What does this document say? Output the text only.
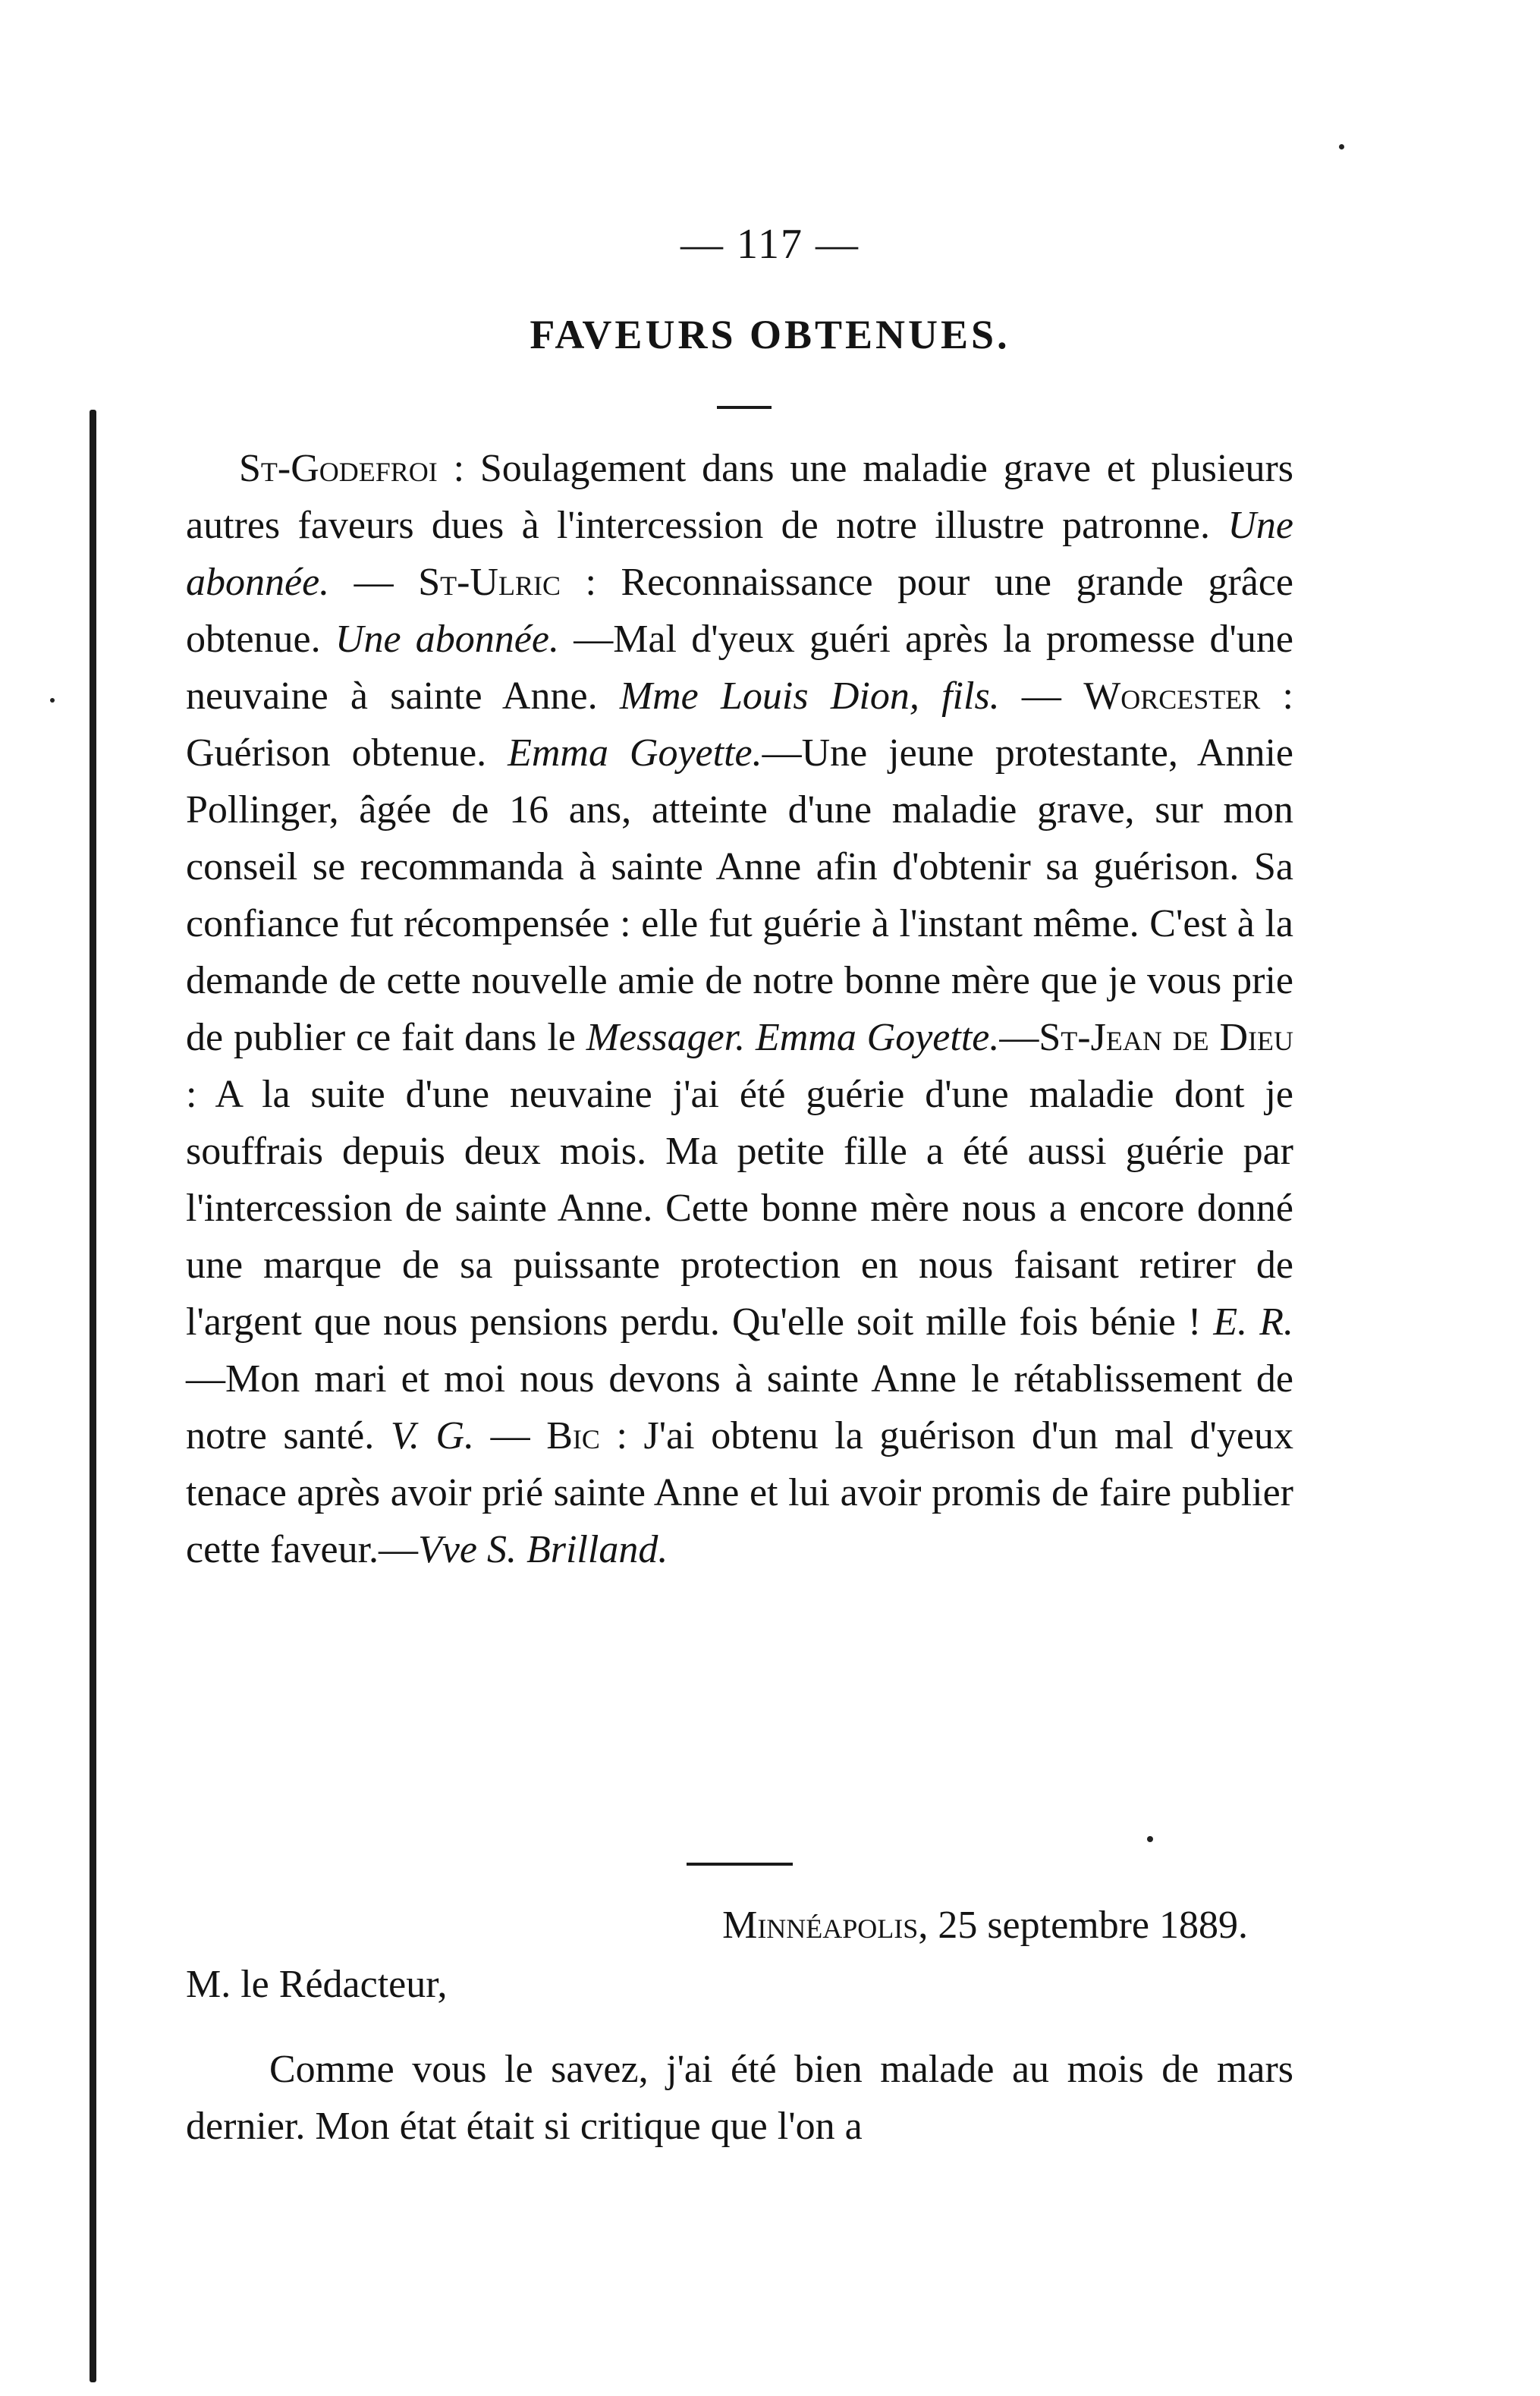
— 117 —
FAVEURS OBTENUES.

St-Godefroi : Soulagement dans une maladie grave et plusieurs autres faveurs dues à l'intercession de notre illustre patronne. Une abonnée. — St-Ulric : Reconnaissance pour une grande grâce obtenue. Une abonnée. —Mal d'yeux guéri après la promesse d'une neuvaine à sainte Anne. Mme Louis Dion, fils. — Worcester : Guérison obtenue. Emma Goyette.—Une jeune protestante, Annie Pollinger, âgée de 16 ans, atteinte d'une maladie grave, sur mon conseil se recommanda à sainte Anne afin d'obtenir sa guérison. Sa confiance fut récompensée : elle fut guérie à l'instant même. C'est à la demande de cette nouvelle amie de notre bonne mère que je vous prie de publier ce fait dans le Messager. Emma Goyette.—St-Jean de Dieu : A la suite d'une neuvaine j'ai été guérie d'une maladie dont je souffrais depuis deux mois. Ma petite fille a été aussi guérie par l'intercession de sainte Anne. Cette bonne mère nous a encore donné une marque de sa puissante protection en nous faisant retirer de l'argent que nous pensions perdu. Qu'elle soit mille fois bénie ! E. R.—Mon mari et moi nous devons à sainte Anne le rétablissement de notre santé. V. G. — Bic : J'ai obtenu la guérison d'un mal d'yeux tenace après avoir prié sainte Anne et lui avoir promis de faire publier cette faveur.—Vve S. Brilland.

Minnéapolis, 25 septembre 1889.
M. le Rédacteur,

Comme vous le savez, j'ai été bien malade au mois de mars dernier. Mon état était si critique que l'on a
